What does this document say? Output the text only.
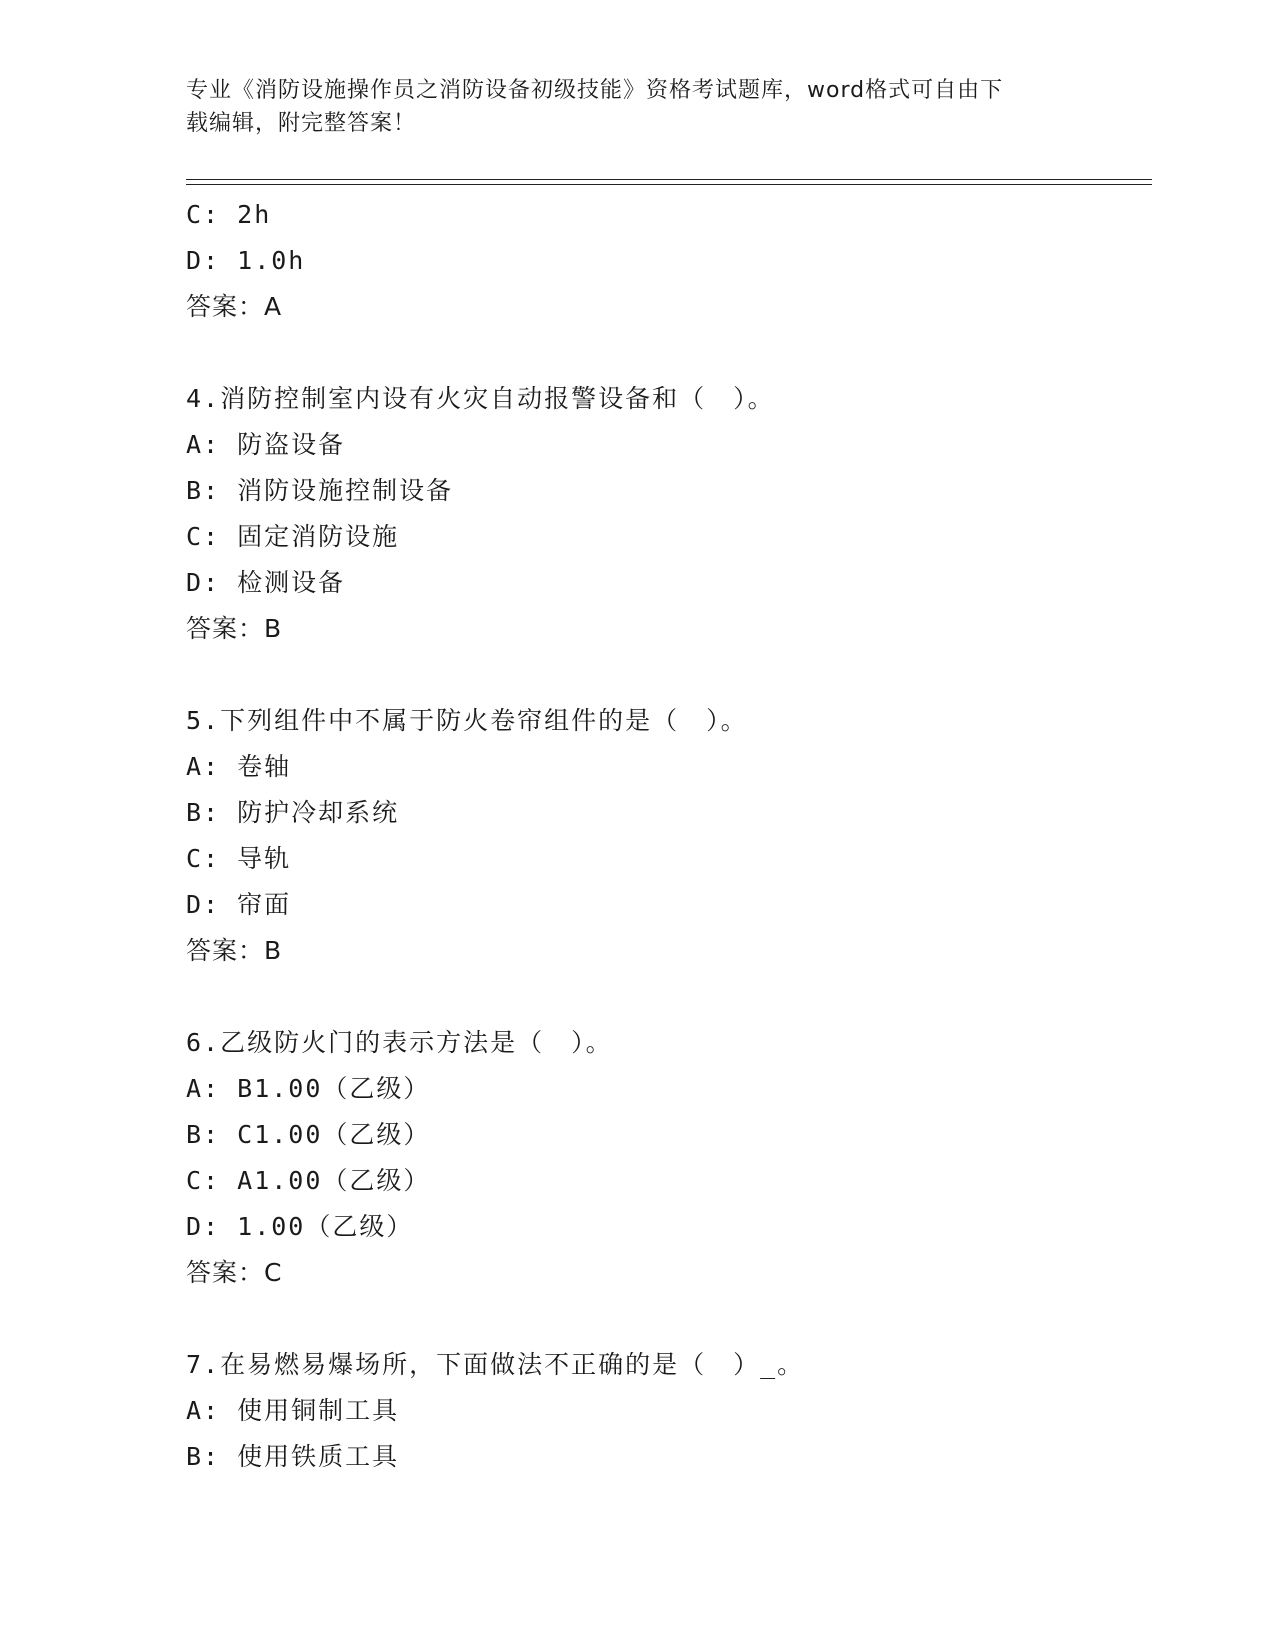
专业《消防设施操作员之消防设备初级技能》资格考试题库，word格式可自由下
载编辑，附完整答案！
C: 2h
D: 1.0h
答案：A
4.消防控制室内设有火灾自动报警设备和（　）。
A: 防盗设备
B: 消防设施控制设备
C: 固定消防设施
D: 检测设备
答案：B
5.下列组件中不属于防火卷帘组件的是（　）。
A: 卷轴
B: 防护冷却系统
C: 导轨
D: 帘面
答案：B
6.乙级防火门的表示方法是（　）。
A: B1.00（乙级）
B: C1.00（乙级）
C: A1.00（乙级）
D: 1.00（乙级）
答案：C
7.在易燃易爆场所，下面做法不正确的是（　）_。
A: 使用铜制工具
B: 使用铁质工具
